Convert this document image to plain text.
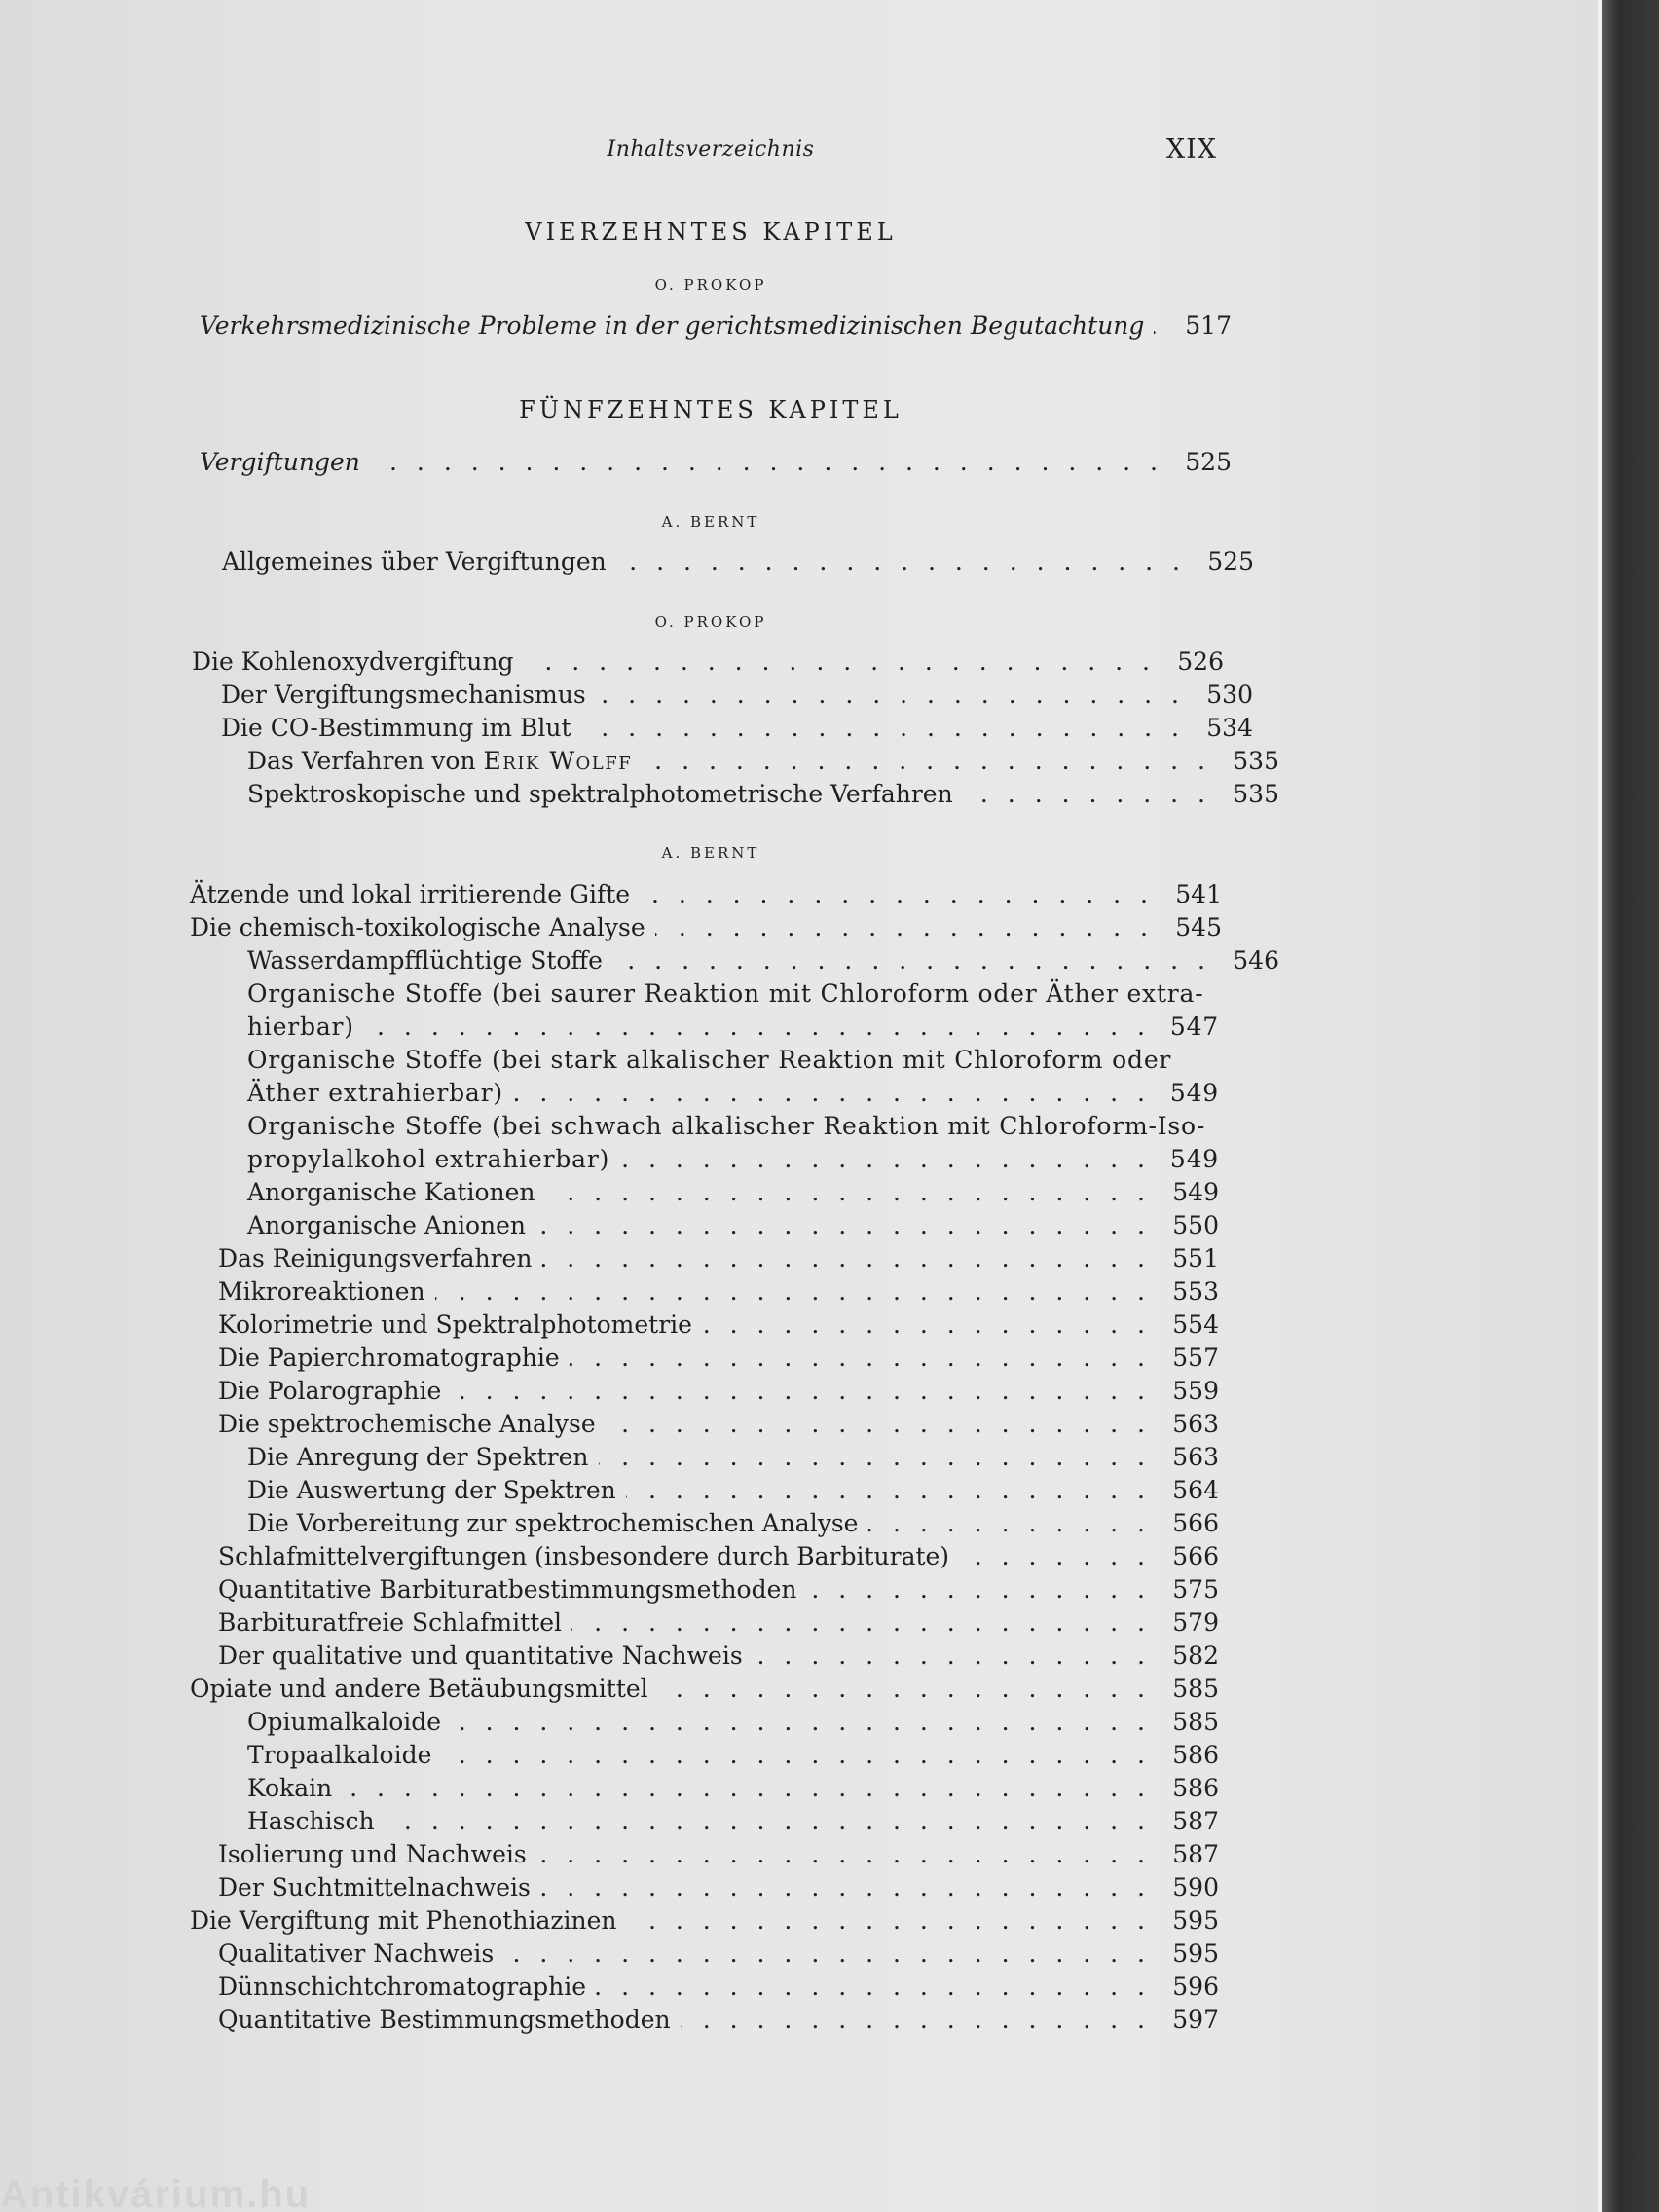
Inhaltsverzeichnis	XIX
VIERZEHNTES KAPITEL
O. PROKOP
Verkehrsmedizinische Probleme in der gerichtsmedizinischen Begutachtung . . .	517
FÜNFZEHNTES KAPITEL
Vergiftungen . . .	525
A. BERNT
Allgemeines über Vergiftungen . . .	525
O. PROKOP
Die Kohlenoxydvergiftung . . .	526
Der Vergiftungsmechanismus . . .	530
Die CO-Bestimmung im Blut . . .	534
Das Verfahren von Erik Wolff . . .	535
Spektroskopische und spektralphotometrische Verfahren . . .	535
A. BERNT
Ätzende und lokal irritierende Gifte . . .	541
Die chemisch-toxikologische Analyse . . .	545
Wasserdampfflüchtige Stoffe . . .	546
Organische Stoffe (bei saurer Reaktion mit Chloroform oder Äther extra-
hierbar) . . .	547
Organische Stoffe (bei stark alkalischer Reaktion mit Chloroform oder
Äther extrahierbar) . . .	549
Organische Stoffe (bei schwach alkalischer Reaktion mit Chloroform-Iso-
propylalkohol extrahierbar) . . .	549
Anorganische Kationen . . .	549
Anorganische Anionen . . .	550
Das Reinigungsverfahren . . .	551
Mikroreaktionen . . .	553
Kolorimetrie und Spektralphotometrie . . .	554
Die Papierchromatographie . . .	557
Die Polarographie . . .	559
Die spektrochemische Analyse . . .	563
Die Anregung der Spektren . . .	563
Die Auswertung der Spektren . . .	564
Die Vorbereitung zur spektrochemischen Analyse . . .	566
Schlafmittelvergiftungen (insbesondere durch Barbiturate) . . .	566
Quantitative Barbituratbestimmungsmethoden . . .	575
Barbituratfreie Schlafmittel . . .	579
Der qualitative und quantitative Nachweis . . .	582
Opiate und andere Betäubungsmittel . . .	585
Opiumalkaloide . . .	585
Tropaalkaloide . . .	586
Kokain . . .	586
Haschisch . . .	587
Isolierung und Nachweis . . .	587
Der Suchtmittelnachweis . . .	590
Die Vergiftung mit Phenothiazinen . . .	595
Qualitativer Nachweis . . .	595
Dünnschichtchromatographie . . .	596
Quantitative Bestimmungsmethoden . . .	597
Antikvárium.hu
